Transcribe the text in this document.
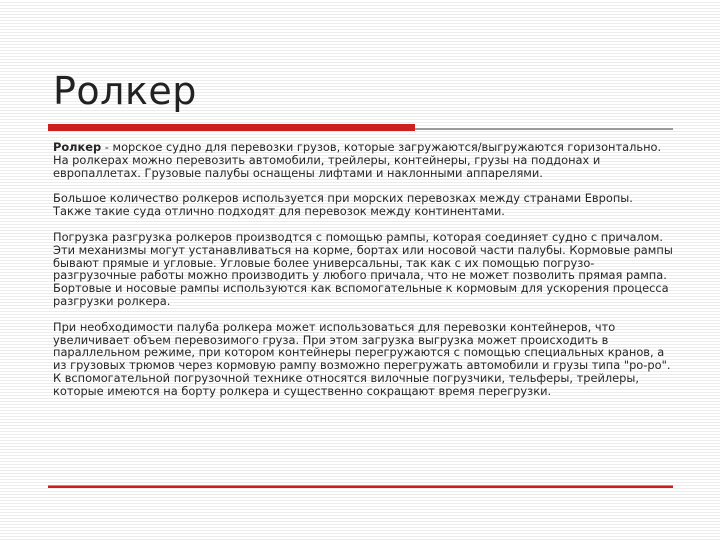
Ролкер

Ролкер - морское судно для перевозки грузов, которые загружаются/выгружаются горизонтально. На ролкерах можно перевозить автомобили, трейлеры, контейнеры, грузы на поддонах и европаллетах. Грузовые палубы оснащены лифтами и наклонными аппарелями.

Большое количество ролкеров используется при морских перевозках между странами Европы. Также такие суда отлично подходят для перевозок между континентами.

Погрузка разгрузка ролкеров производтся с помощью рампы, которая соединяет судно с причалом. Эти механизмы могут устанавливаться на корме, бортах или носовой части палубы. Кормовые рампы бывают прямые и угловые. Угловые более универсальны, так как с их помощью погрузо-разгрузочные работы можно производить у любого причала, что не может позволить прямая рампа. Бортовые и носовые рампы используются как вспомогательные к кормовым для ускорения процесса разгрузки ролкера.

При необходимости палуба ролкера может использоваться для перевозки контейнеров, что увеличивает объем перевозимого груза. При этом загрузка выгрузка может происходить в параллельном режиме, при котором контейнеры перегружаются с помощью специальных кранов, а из грузовых трюмов через кормовую рампу возможно перегружать автомобили и грузы типа "ро-ро". К вспомогательной погрузочной технике относятся вилочные погрузчики, тельферы, трейлеры, которые имеются на борту ролкера и существенно сокращают время перегрузки.
